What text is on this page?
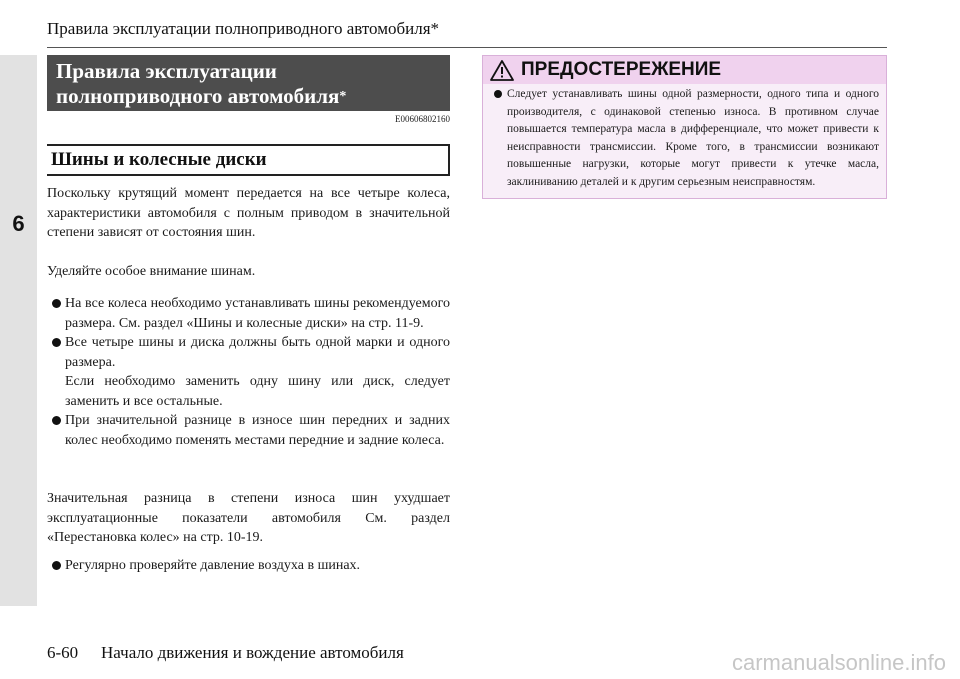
6
Правила эксплуатации полноприводного автомобиля*
Правила эксплуатации полноприводного автомобиля*
E00606802160
Шины и колесные диски

Поскольку крутящий момент передается на все четыре колеса, характеристики автомобиля с полным приводом в значительной степени зависят от состояния шин.

Уделяйте особое внимание шинам.

На все колеса необходимо устанавливать шины рекомендуемого размера. См. раздел «Шины и колесные диски» на стр. 11-9.
Все четыре шины и диска должны быть одной марки и одного размера.
Если необходимо заменить одну шину или диск, следует заменить и все остальные.
При значительной разнице в износе шин передних и задних колес необходимо поменять местами передние и задние колеса.

Значительная разница в степени износа шин ухудшает эксплуатационные показатели автомобиля См. раздел «Перестановка колес» на стр. 10-19.

Регулярно проверяйте давление воздуха в шинах.
ПРЕДОСТЕРЕЖЕНИЕ
Следует устанавливать шины одной размерности, одного типа и одного производителя, с одинаковой степенью износа. В противном случае повышается температура масла в дифференциале, что может привести к неисправности трансмиссии. Кроме того, в трансмиссии возникают повышенные нагрузки, которые могут привести к утечке масла, заклиниванию деталей и к другим серьезным неисправностям.
6-60 Начало движения и вождение автомобиля	carmanualsonline.info
